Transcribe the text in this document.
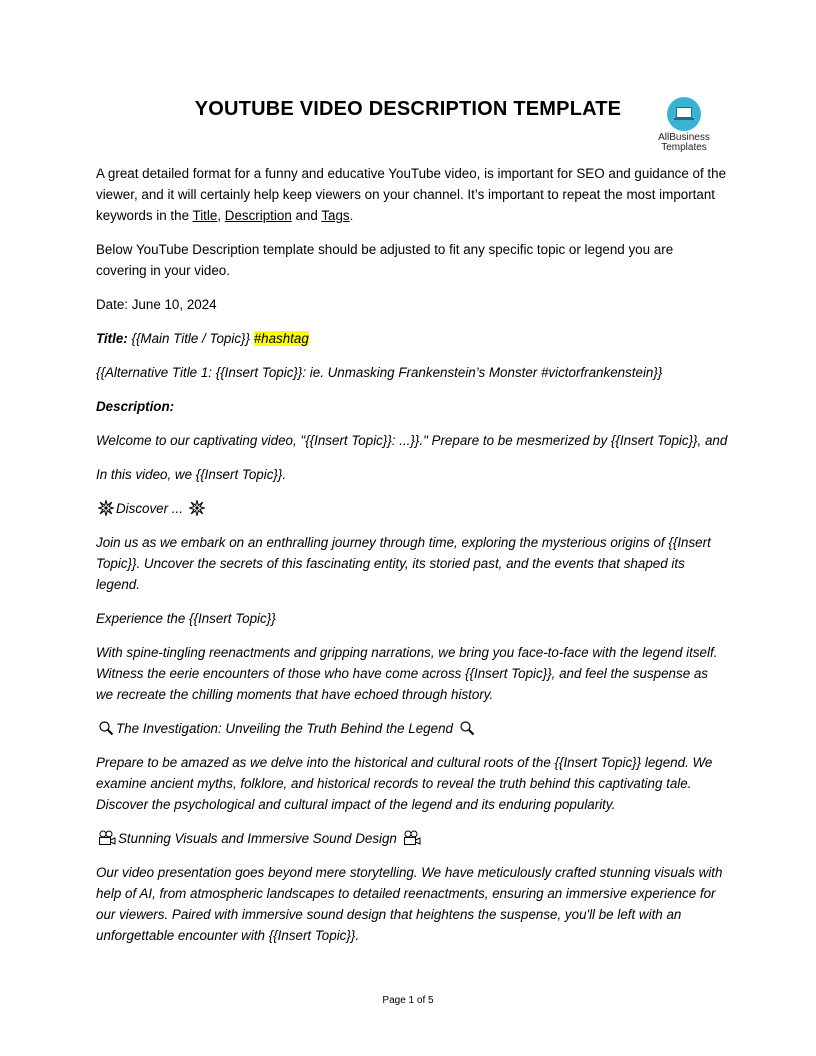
YOUTUBE VIDEO DESCRIPTION TEMPLATE
AllBusiness
Templates

A great detailed format for a funny and educative YouTube video, is important for SEO and guidance of the viewer, and it will certainly help keep viewers on your channel. It’s important to repeat the most important keywords in the Title, Description and Tags.

Below YouTube Description template should be adjusted to fit any specific topic or legend you are covering in your video.

Date: June 10, 2024

Title: {{Main Title / Topic}} #hashtag

{{Alternative Title 1: {{Insert Topic}}: ie. Unmasking Frankenstein’s Monster #victorfrankenstein}}

Description:

Welcome to our captivating video, "{{Insert Topic}}: ...}}." Prepare to be mesmerized by {{Insert Topic}}, and

In this video, we {{Insert Topic}}.

Discover ...

Join us as we embark on an enthralling journey through time, exploring the mysterious origins of {{Insert Topic}}. Uncover the secrets of this fascinating entity, its storied past, and the events that shaped its legend.

Experience the {{Insert Topic}}

With spine-tingling reenactments and gripping narrations, we bring you face-to-face with the legend itself. Witness the eerie encounters of those who have come across {{Insert Topic}}, and feel the suspense as we recreate the chilling moments that have echoed through history.

The Investigation: Unveiling the Truth Behind the Legend

Prepare to be amazed as we delve into the historical and cultural roots of the {{Insert Topic}} legend. We examine ancient myths, folklore, and historical records to reveal the truth behind this captivating tale. Discover the psychological and cultural impact of the legend and its enduring popularity.

Stunning Visuals and Immersive Sound Design

Our video presentation goes beyond mere storytelling. We have meticulously crafted stunning visuals with help of AI, from atmospheric landscapes to detailed reenactments, ensuring an immersive experience for our viewers. Paired with immersive sound design that heightens the suspense, you'll be left with an unforgettable encounter with {{Insert Topic}}.

Page 1 of 5
